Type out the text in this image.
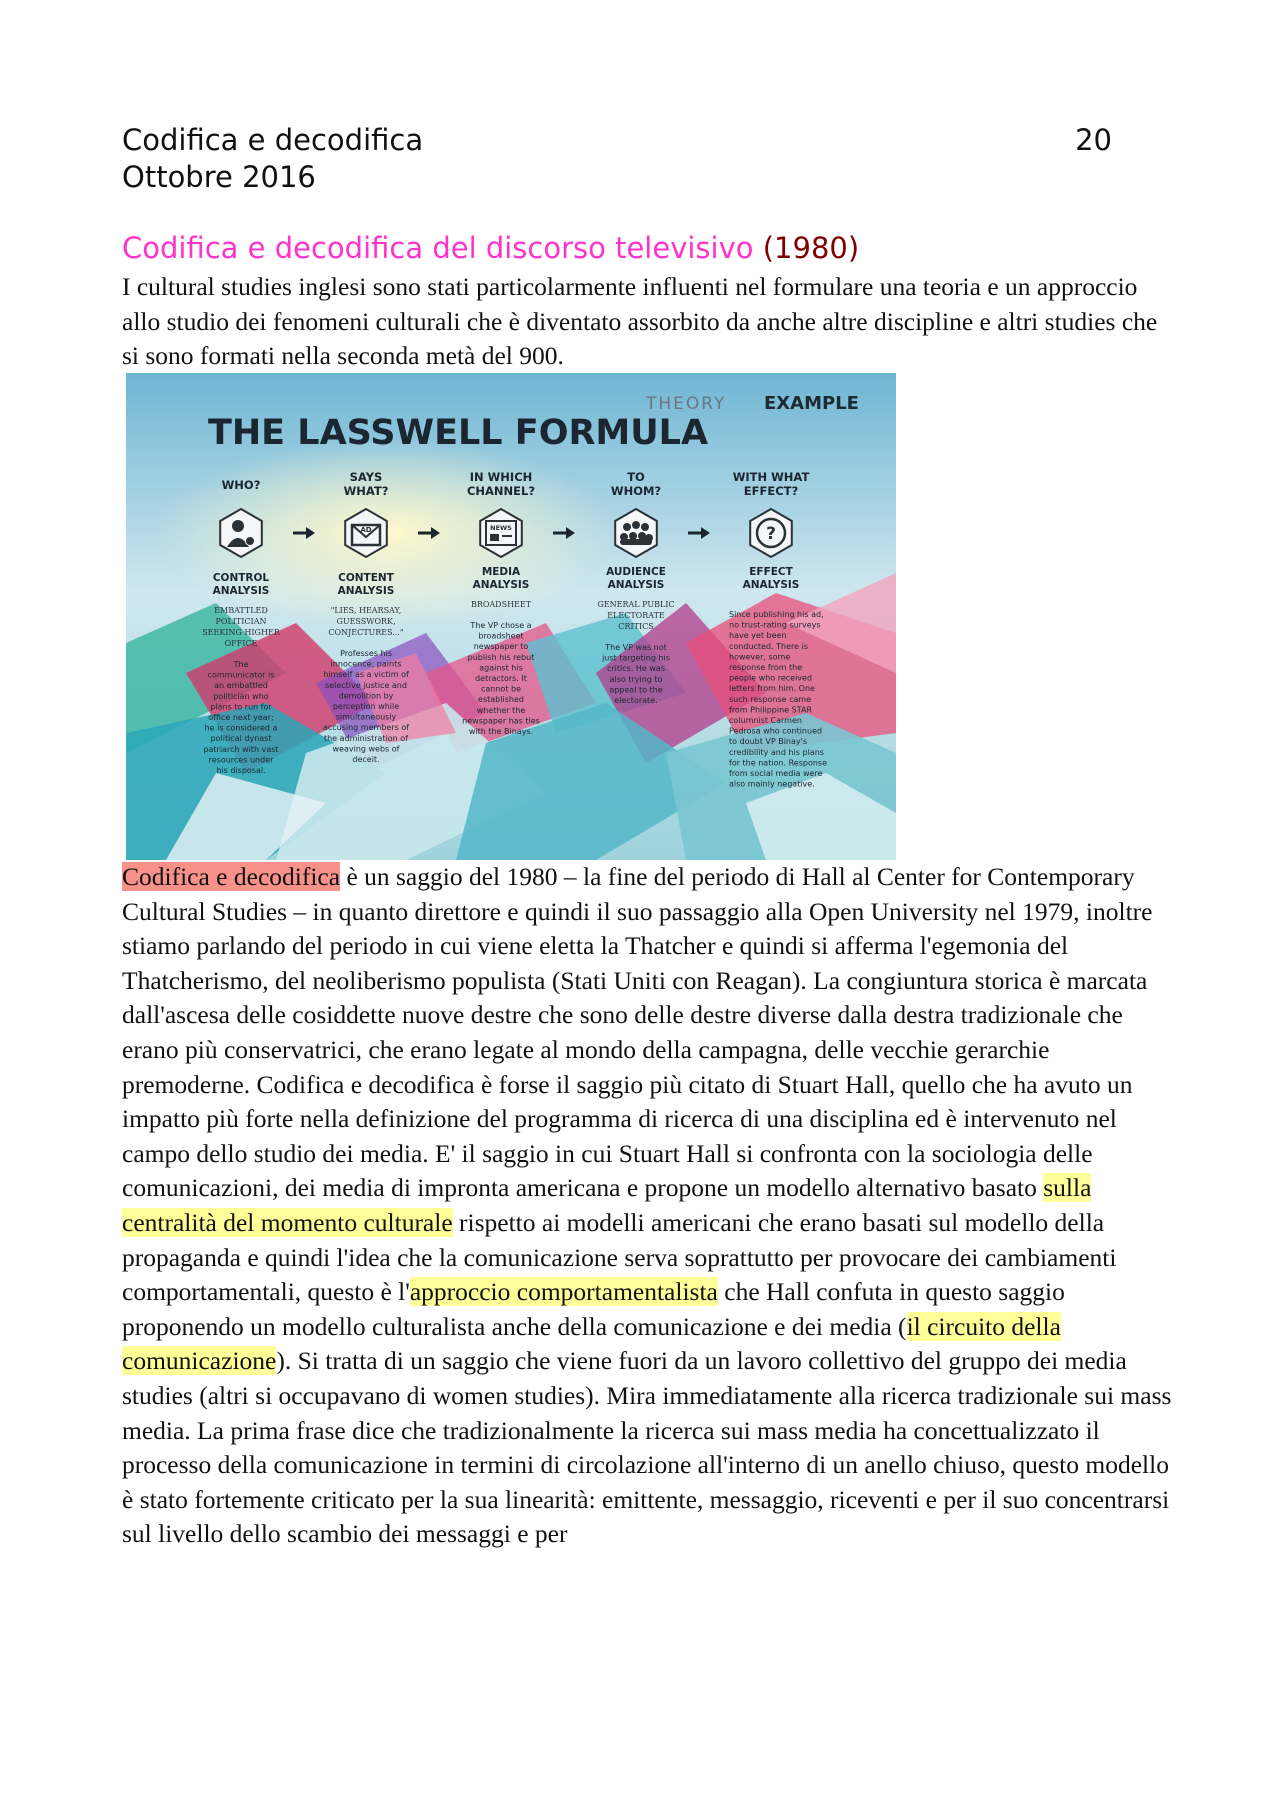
Codifica e decodifica	20
Ottobre 2016
Codifica e decodifica del discorso televisivo (1980)
I cultural studies inglesi sono stati particolarmente influenti nel formulare una teoria e un approccio allo studio dei fenomeni culturali che è diventato assorbito da anche altre discipline e altri studies che si sono formati nella seconda metà del 900.
THEORY EXAMPLE
THE LASSWELL FORMULA
WHO?
CONTROL
ANALYSIS
EMBATTLED
POLITICIAN
SEEKING HIGHER
OFFICE
The
communicator is
an embattled
politician who
plans to run for
office next year;
he is considered a
political dynast
patriarch with vast
resources under
his disposal.
SAYS
WHAT?
AD
CONTENT
ANALYSIS
"LIES, HEARSAY,
GUESSWORK,
CONJECTURES..."
Professes his
innocence; paints
himself as a victim of
selective justice and
demolition by
perception while
simultaneously
accusing members of
the administration of
weaving webs of
deceit.
IN WHICH
CHANNEL?
NEWS
MEDIA
ANALYSIS
BROADSHEET
The VP chose a
broadsheet
newspaper to
publish his rebut
against his
detractors. It
cannot be
established
whether the
newspaper has ties
with the Binays.
TO
WHOM?
AUDIENCE
ANALYSIS
GENERAL PUBLIC
ELECTORATE
CRITICS
The VP was not
just targeting his
critics. He was
also trying to
appeal to the
electorate.
WITH WHAT
EFFECT?
?
EFFECT
ANALYSIS
Since publishing his ad,
no trust-rating surveys
have yet been
conducted. There is
however, some
response from the
people who received
letters from him. One
such response came
from Philippine STAR
columnist Carmen
Pedrosa who continued
to doubt VP Binay's
credibility and his plans
for the nation. Response
from social media were
also mainly negative.
Codifica e decodifica è un saggio del 1980 – la fine del periodo di Hall al Center for Contemporary Cultural Studies – in quanto direttore e quindi il suo passaggio alla Open University nel 1979, inoltre stiamo parlando del periodo in cui viene eletta la Thatcher e quindi si afferma l'egemonia del Thatcherismo, del neoliberismo populista (Stati Uniti con Reagan). La congiuntura storica è marcata dall'ascesa delle cosiddette nuove destre che sono delle destre diverse dalla destra tradizionale che erano più conservatrici, che erano legate al mondo della campagna, delle vecchie gerarchie premoderne. Codifica e decodifica è forse il saggio più citato di Stuart Hall, quello che ha avuto un impatto più forte nella definizione del programma di ricerca di una disciplina ed è intervenuto nel campo dello studio dei media. E' il saggio in cui Stuart Hall si confronta con la sociologia delle comunicazioni, dei media di impronta americana e propone un modello alternativo basato sulla centralità del momento culturale rispetto ai modelli americani che erano basati sul modello della propaganda e quindi l'idea che la comunicazione serva soprattutto per provocare dei cambiamenti comportamentali, questo è l'approccio comportamentalista che Hall confuta in questo saggio proponendo un modello culturalista anche della comunicazione e dei media (il circuito della comunicazione). Si tratta di un saggio che viene fuori da un lavoro collettivo del gruppo dei media studies (altri si occupavano di women studies). Mira immediatamente alla ricerca tradizionale sui mass media. La prima frase dice che tradizionalmente la ricerca sui mass media ha concettualizzato il processo della comunicazione in termini di circolazione all'interno di un anello chiuso, questo modello è stato fortemente criticato per la sua linearità: emittente, messaggio, riceventi e per il suo concentrarsi sul livello dello scambio dei messaggi e per
